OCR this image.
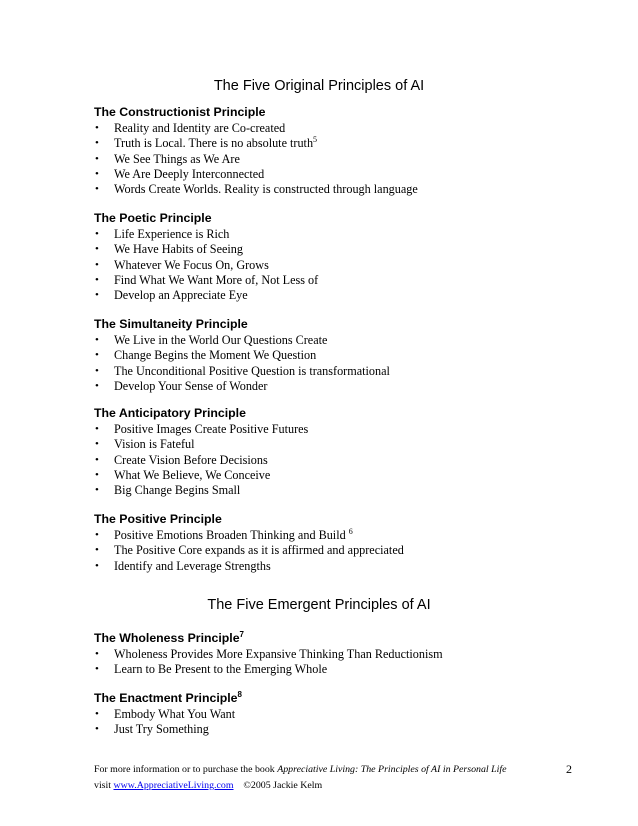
The Five Original Principles of AI
The Constructionist Principle
• Reality and Identity are Co-created
• Truth is Local. There is no absolute truth$^5$
• We See Things as We Are
• We Are Deeply Interconnected
• Words Create Worlds. Reality is constructed through language
The Poetic Principle
• Life Experience is Rich
• We Have Habits of Seeing
• Whatever We Focus On, Grows
• Find What We Want More of, Not Less of
• Develop an Appreciate Eye
The Simultaneity Principle
• We Live in the World Our Questions Create
• Change Begins the Moment We Question
• The Unconditional Positive Question is transformational
• Develop Your Sense of Wonder
The Anticipatory Principle
• Positive Images Create Positive Futures
• Vision is Fateful
• Create Vision Before Decisions
• What We Believe, We Conceive
• Big Change Begins Small
The Positive Principle
• Positive Emotions Broaden Thinking and Build $^6$
• The Positive Core expands as it is affirmed and appreciated
• Identify and Leverage Strengths
The Five Emergent Principles of AI
The Wholeness Principle$^7$
• Wholeness Provides More Expansive Thinking Than Reductionism
• Learn to Be Present to the Emerging Whole
The Enactment Principle$^8$
• Embody What You Want
• Just Try Something
For more information or to purchase the book Appreciative Living: The Principles of AI in Personal Life
visit www.AppreciativeLiving.com ©2005 Jackie Kelm
2
